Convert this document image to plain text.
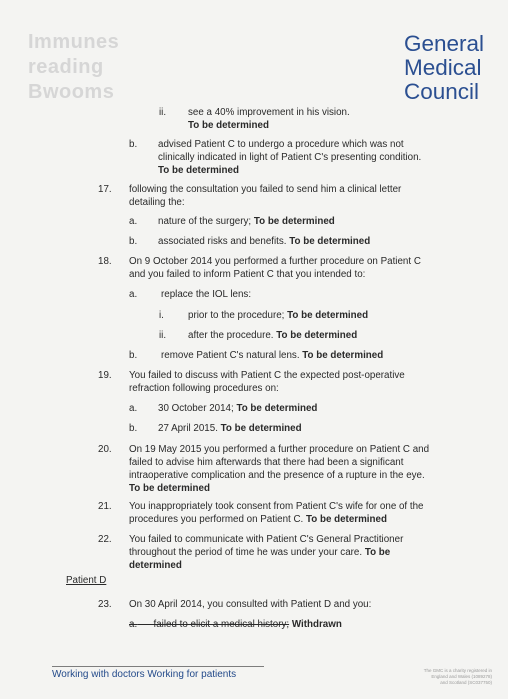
Immunes
reading
Bwooms
General
Medical
Council
ii. see a 40% improvement in his vision.
To be determined
b. advised Patient C to undergo a procedure which was not
clinically indicated in light of Patient C's presenting condition.
To be determined
17. following the consultation you failed to send him a clinical letter
detailing the:
a. nature of the surgery; To be determined
b. associated risks and benefits. To be determined
18. On 9 October 2014 you performed a further procedure on Patient C
and you failed to inform Patient C that you intended to:
a. replace the IOL lens:
i. prior to the procedure; To be determined
ii. after the procedure. To be determined
b. remove Patient C's natural lens. To be determined
19. You failed to discuss with Patient C the expected post-operative
refraction following procedures on:
a. 30 October 2014; To be determined
b. 27 April 2015. To be determined
20. On 19 May 2015 you performed a further procedure on Patient C and
failed to advise him afterwards that there had been a significant
intraoperative complication and the presence of a rupture in the eye.
To be determined
21. You inappropriately took consent from Patient C's wife for one of the
procedures you performed on Patient C. To be determined
22. You failed to communicate with Patient C's General Practitioner
throughout the period of time he was under your care. To be
determined
Patient D
23. On 30 April 2014, you consulted with Patient D and you:
a. failed to elicit a medical history; Withdrawn
Working with doctors Working for patients	The GMC is a charity registered in
England and Wales (1089278)
and Scotland (SC037750)
